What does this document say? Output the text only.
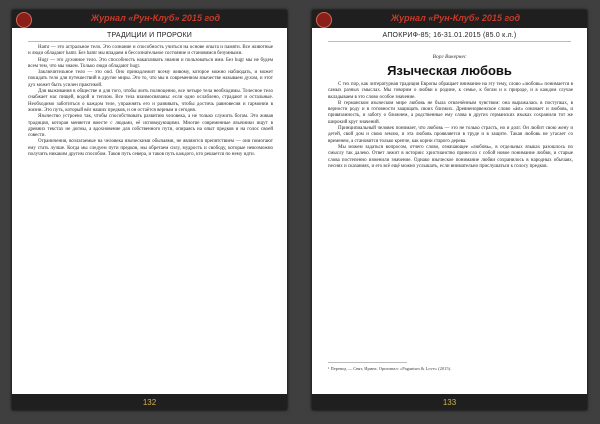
Журнал «Рун-Клуб» 2015 год
ТРАДИЦИИ И ПРОРОКИ

Hamr — это астральное тело. Это сознание и способность учиться на основе опыта и памяти. Все животные и люди обладают hamr. Без hamr мы впадаем в бессознательное состояние и становимся безумными.

Hugr — это духовное тело. Это способность накапливать знания и пользоваться ими. Без hugr мы не будем всем тем, что мы знаем. Только люди обладают hugr.

Заключительное тело — это ond. Оно принадлежит всему живому, которое можно наблюдать, и может покидать тело для путешествий в другие миры. Это то, что мы в современном язычестве называем духом, и этот дух может быть усилен практикой.

Для выживания в обществе и для того, чтобы жить полноценно, все четыре тела необходимы. Телесное тело снабжает нас пищей, водой и теплом. Все тела взаимосвязаны: если одно ослаблено, страдают и остальные. Необходимо заботиться о каждом теле, упражнять его и развивать, чтобы достичь равновесия и гармонии в жизни. Это путь, который вёл наших предков, и он остаётся верным и сегодня.

Язычество устроено так, чтобы способствовать развитию человека, а не только служить богам. Это живая традиция, которая меняется вместе с людьми, её исповедующими. Многие современные язычники ищут в древних текстах не догмы, а вдохновение для собственного пути, опираясь на опыт предков и на голос своей совести.

Ограничения, возлагаемые на человека языческими обычаями, не являются препятствием — они помогают ему стать лучше. Когда мы следуем пути предков, мы обретаем силу, мудрость и свободу, которые невозможно получить никаким другим способом. Таков путь севера, и таков путь каждого, кто решается по нему идти.

132
Журнал «Рун-Клуб» 2015 год
АПОКРИФ-85; 16-31.01.2015 (85.0 к.л.)
Ворг Викернес
Языческая любовь

С тех пор, как литературная традиция Европы обращает внимание на эту тему, слово «любовь» понимается в самых разных смыслах. Мы говорим о любви к родине, к семье, к богам и к природе, и в каждом случае вкладываем в это слово особое значение.

В германском языческом мире любовь не была отвлечённым чувством: она выражалась в поступках, в верности роду и в готовности защищать своих близких. Древненорвежское слово «ást» означает и любовь, и привязанность, и заботу о ближнем, а родственные ему слова в других германских языках сохранили тот же широкий круг значений.

Принципиальный человек понимает, что любовь — это не только страсть, но и долг. Он любит свою жену и детей, свой дом и свою землю, и эта любовь проявляется в труде и в защите. Такая любовь не угасает со временем, а становится только крепче, как корни старого дерева.

Мы можем задаться вопросом, отчего слово, означающее «любовь», в отдельных языках разошлось по смыслу так далеко. Ответ лежит в истории: христианство принесло с собой новое понимание любви, и старые слова постепенно изменили значение. Однако языческое понимание любви сохранилось в народных обычаях, песнях и сказаниях, и его всё ещё можно услышать, если внимательно прислушаться к голосу предков.

¹ Перевод — Свят, Ирина. Оригинал: «Paganism & Love» (2015).
133
